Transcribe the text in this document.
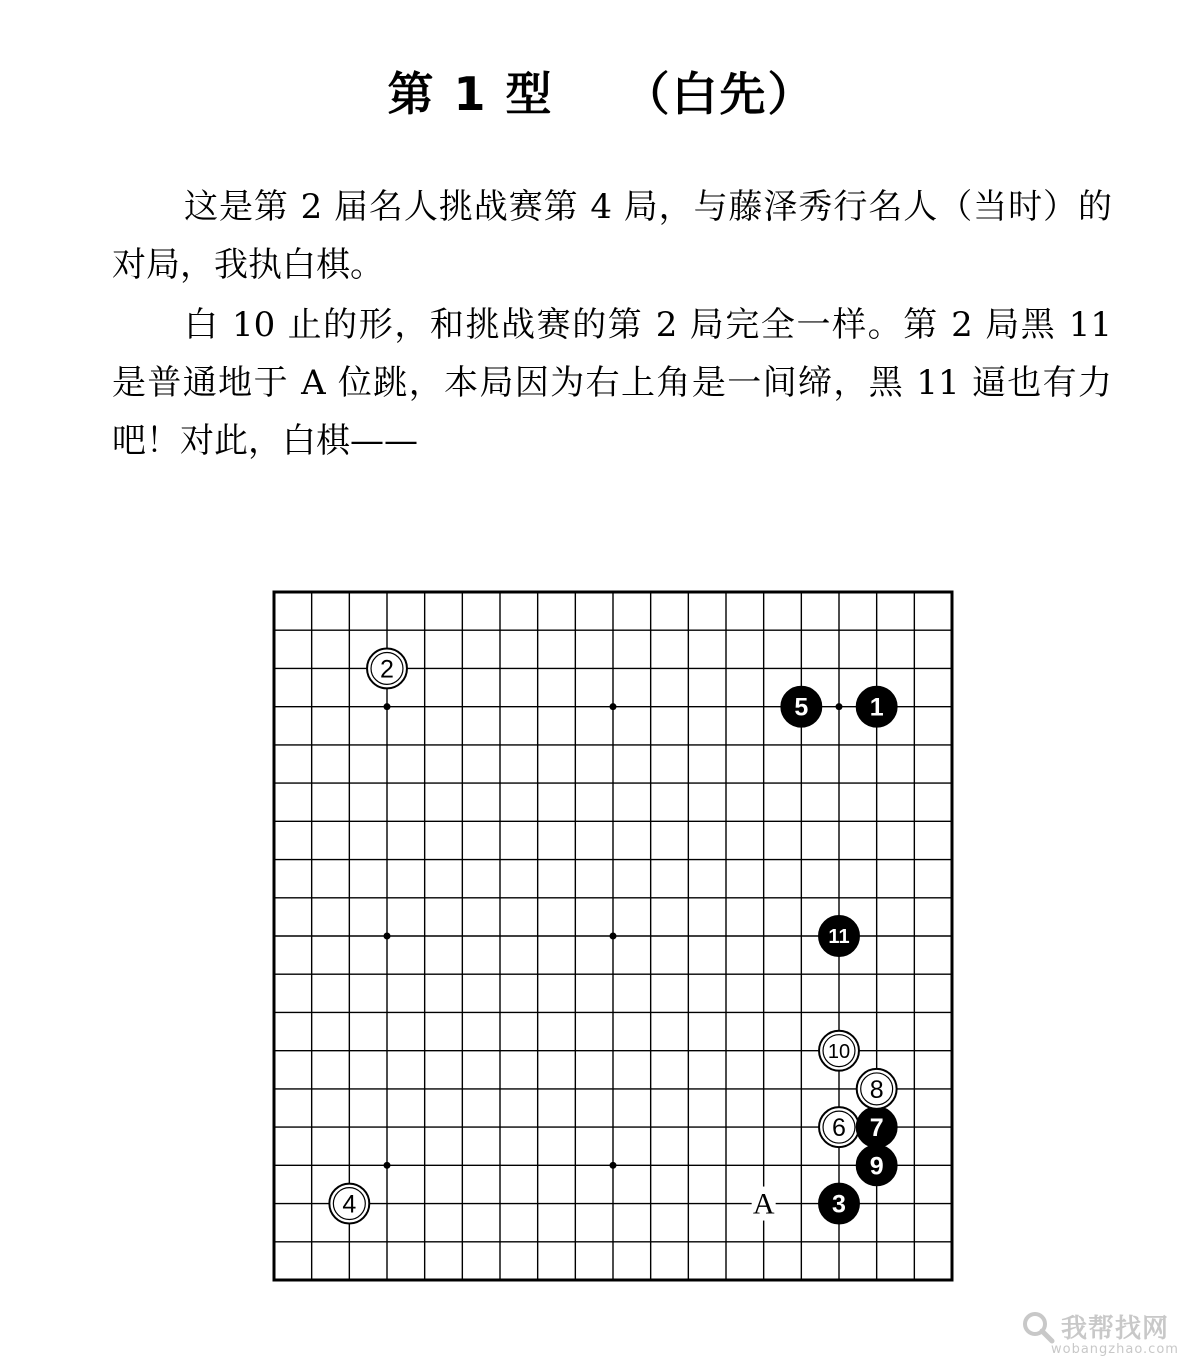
第 1 型 （白先）

这是第 2 届名人挑战赛第 4 局，与藤泽秀行名人（当时）的对局，我执白棋。

白 10 止的形，和挑战赛的第 2 局完全一样。第 2 局黑 11 是普通地于 A 位跳，本局因为右上角是一间缔，黑 11 逼也有力吧！对此，白棋——

A
1
2
3
4
5
6 7
8
9
10
11
我帮找网
wobangzhao.com
